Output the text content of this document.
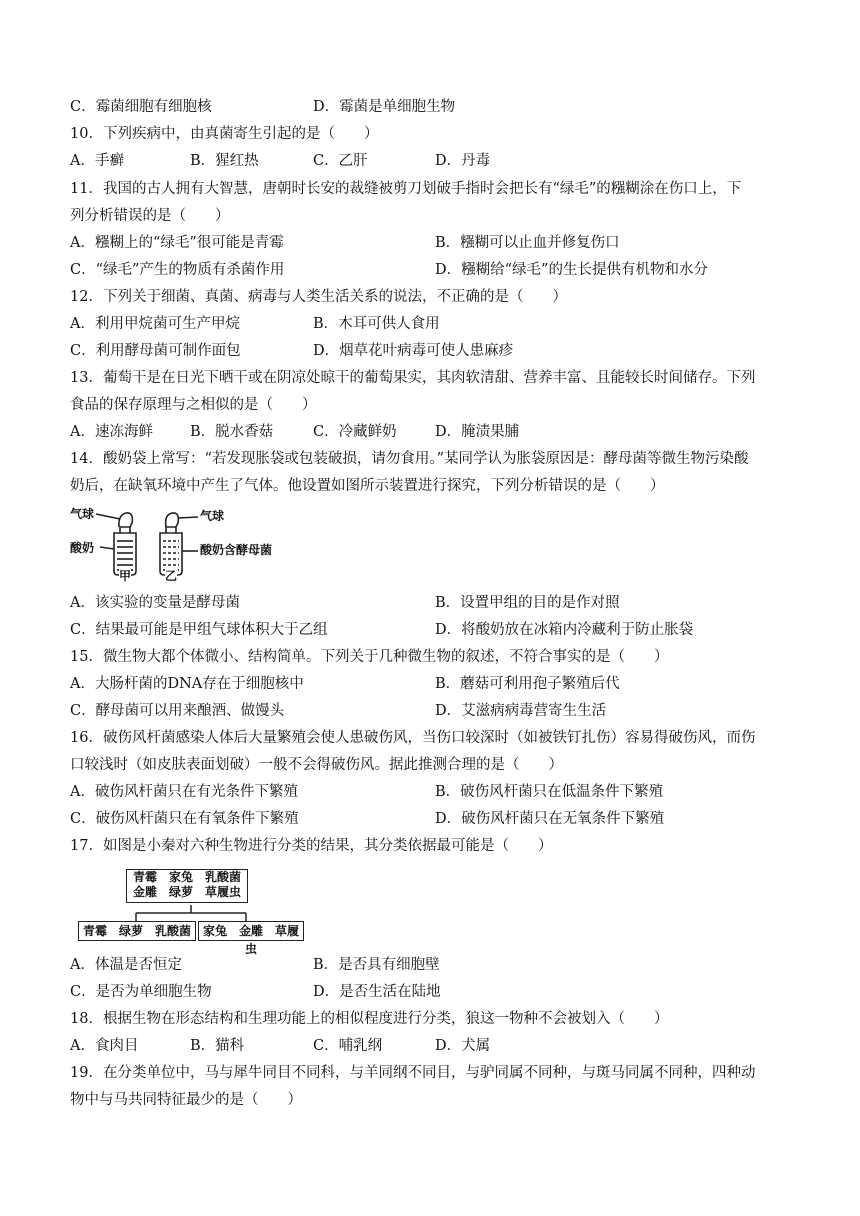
C．霉菌细胞有细胞核	D．霉菌是单细胞生物
10．下列疾病中，由真菌寄生引起的是（　　）
A．手癣	B．猩红热	C．乙肝	D．丹毒
11．我国的古人拥有大智慧，唐朝时长安的裁缝被剪刀划破手指时会把长有“绿毛”的糨糊涂在伤口上，下
列分析错误的是（　　）
A．糨糊上的“绿毛”很可能是青霉	B．糨糊可以止血并修复伤口
C．“绿毛”产生的物质有杀菌作用	D．糨糊给“绿毛”的生长提供有机物和水分
12．下列关于细菌、真菌、病毒与人类生活关系的说法，不正确的是（　　）
A．利用甲烷菌可生产甲烷	B．木耳可供人食用
C．利用酵母菌可制作面包	D．烟草花叶病毒可使人患麻疹
13．葡萄干是在日光下晒干或在阴凉处晾干的葡萄果实，其肉软清甜、营养丰富、且能较长时间储存。下列
食品的保存原理与之相似的是（　　）
A．速冻海鲜	B．脱水香菇	C．冷藏鲜奶	D．腌渍果脯
14．酸奶袋上常写：“若发现胀袋或包装破损，请勿食用。”某同学认为胀袋原因是：酵母菌等微生物污染酸
奶后，在缺氧环境中产生了气体。他设置如图所示装置进行探究，下列分析错误的是（　　）
气球	气球
酸奶	酸奶含酵母菌
甲	乙
A．该实验的变量是酵母菌	B．设置甲组的目的是作对照
C．结果最可能是甲组气球体积大于乙组	D．将酸奶放在冰箱内冷藏利于防止胀袋
15．微生物大都个体微小、结构简单。下列关于几种微生物的叙述，不符合事实的是（　　）
A．大肠杆菌的DNA存在于细胞核中	B．蘑菇可利用孢子繁殖后代
C．酵母菌可以用来酿酒、做馒头	D．艾滋病病毒营寄生生活
16．破伤风杆菌感染人体后大量繁殖会使人患破伤风，当伤口较深时（如被铁钉扎伤）容易得破伤风，而伤
口较浅时（如皮肤表面划破）一般不会得破伤风。据此推测合理的是（　　）
A．破伤风杆菌只在有光条件下繁殖	B．破伤风杆菌只在低温条件下繁殖
C．破伤风杆菌只在有氧条件下繁殖	D．破伤风杆菌只在无氧条件下繁殖
17．如图是小秦对六种生物进行分类的结果，其分类依据最可能是（　　）
青霉　家兔　乳酸菌
金雕　绿萝　草履虫
青霉　绿萝　乳酸菌 家兔　金雕　草履虫
A．体温是否恒定	B．是否具有细胞壁
C．是否为单细胞生物	D．是否生活在陆地
18．根据生物在形态结构和生理功能上的相似程度进行分类，狼这一物种不会被划入（　　）
A．食肉目	B．猫科	C．哺乳纲	D．犬属
19．在分类单位中，马与犀牛同目不同科，与羊同纲不同目，与驴同属不同种，与斑马同属不同种，四种动
物中与马共同特征最少的是（　　）
